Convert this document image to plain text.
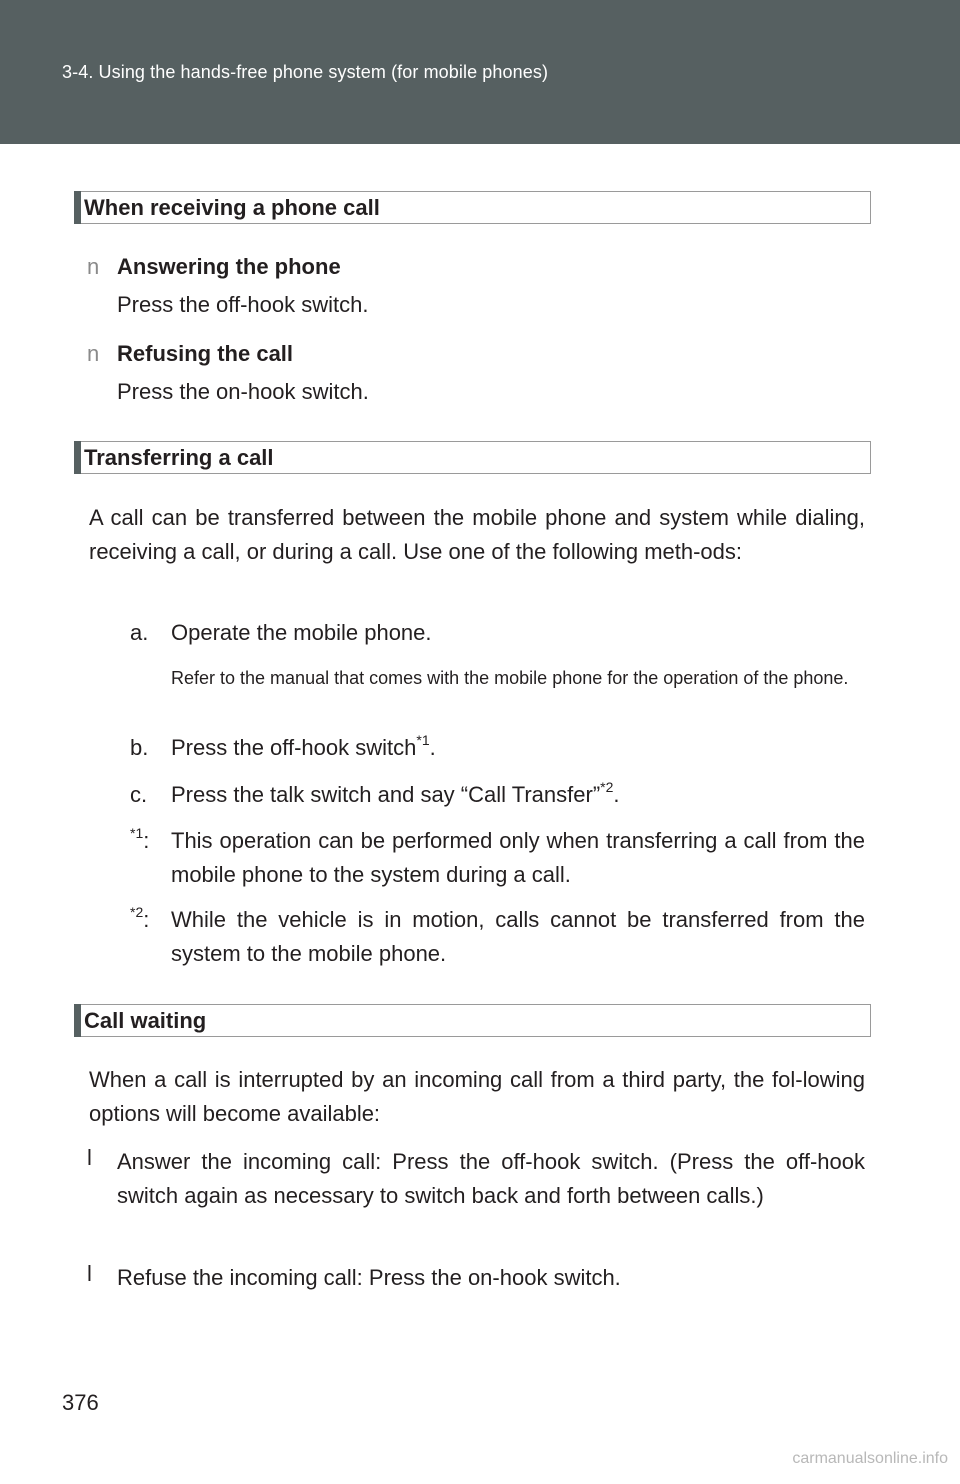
3-4. Using the hands-free phone system (for mobile phones)
When receiving a phone call
n Answering the phone
Press the off-hook switch.
n Refusing the call
Press the on-hook switch.
Transferring a call
A call can be transferred between the mobile phone and system while dialing, receiving a call, or during a call. Use one of the following meth-ods:
a. Operate the mobile phone.
Refer to the manual that comes with the mobile phone for the operation of the phone.
b. Press the off-hook switch$^{*1}$.
c. Press the talk switch and say “Call Transfer”$^{*2}$.
$^{*1}$: This operation can be performed only when transferring a call from the mobile phone to the system during a call.
$^{*2}$: While the vehicle is in motion, calls cannot be transferred from the system to the mobile phone.
Call waiting
When a call is interrupted by an incoming call from a third party, the fol-lowing options will become available:
l Answer the incoming call: Press the off-hook switch. (Press the off-hook switch again as necessary to switch back and forth between calls.)
l Refuse the incoming call: Press the on-hook switch.
376
carmanualsonline.info
